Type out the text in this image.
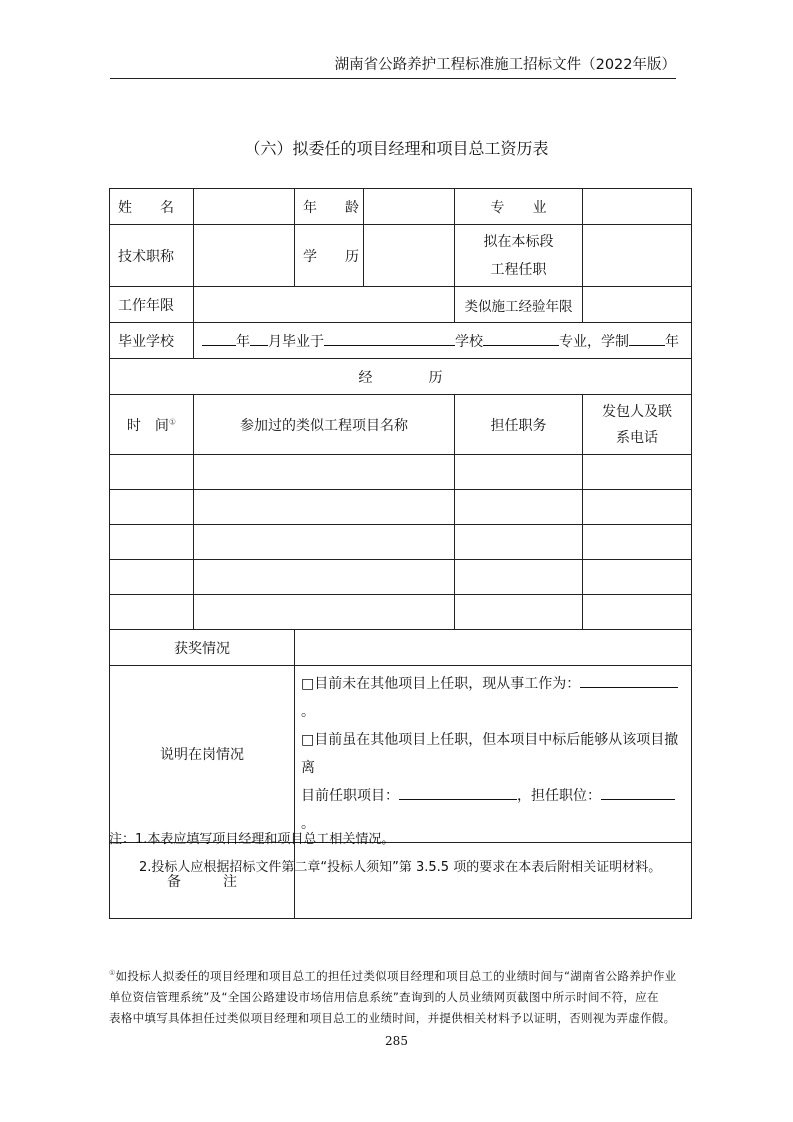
湖南省公路养护工程标准施工招标文件（2022年版）
（六）拟委任的项目经理和项目总工资历表
姓　　名		年　　龄		专　　业	
技术职称		学　　历		拟在本标段
工程任职	

工作年限				类似施工经验年限	
毕业学校	年 月毕业于 学校 专业，学制 年				
经　　　　历					
时　间①	参加过的类似工程项目名称			担任职务	发包人及联
系电话

获奖情况					
说明在岗情况		□目前未在其他项目上任职，现从事工作为：。
□目前虽在其他项目上任职，但本项目中标后能够从该项目撤离
目前任职项目： ，担任职位：。			

备　　　注					
注：1.本表应填写项目经理和项目总工相关情况。
2.投标人应根据招标文件第二章“投标人须知”第 3.5.5 项的要求在本表后附相关证明材料。
①如投标人拟委任的项目经理和项目总工的担任过类似项目经理和项目总工的业绩时间与“湖南省公路养护作业
单位资信管理系统”及“全国公路建设市场信用信息系统”查询到的人员业绩网页截图中所示时间不符，应在
表格中填写具体担任过类似项目经理和项目总工的业绩时间，并提供相关材料予以证明，否则视为弄虚作假。
285
